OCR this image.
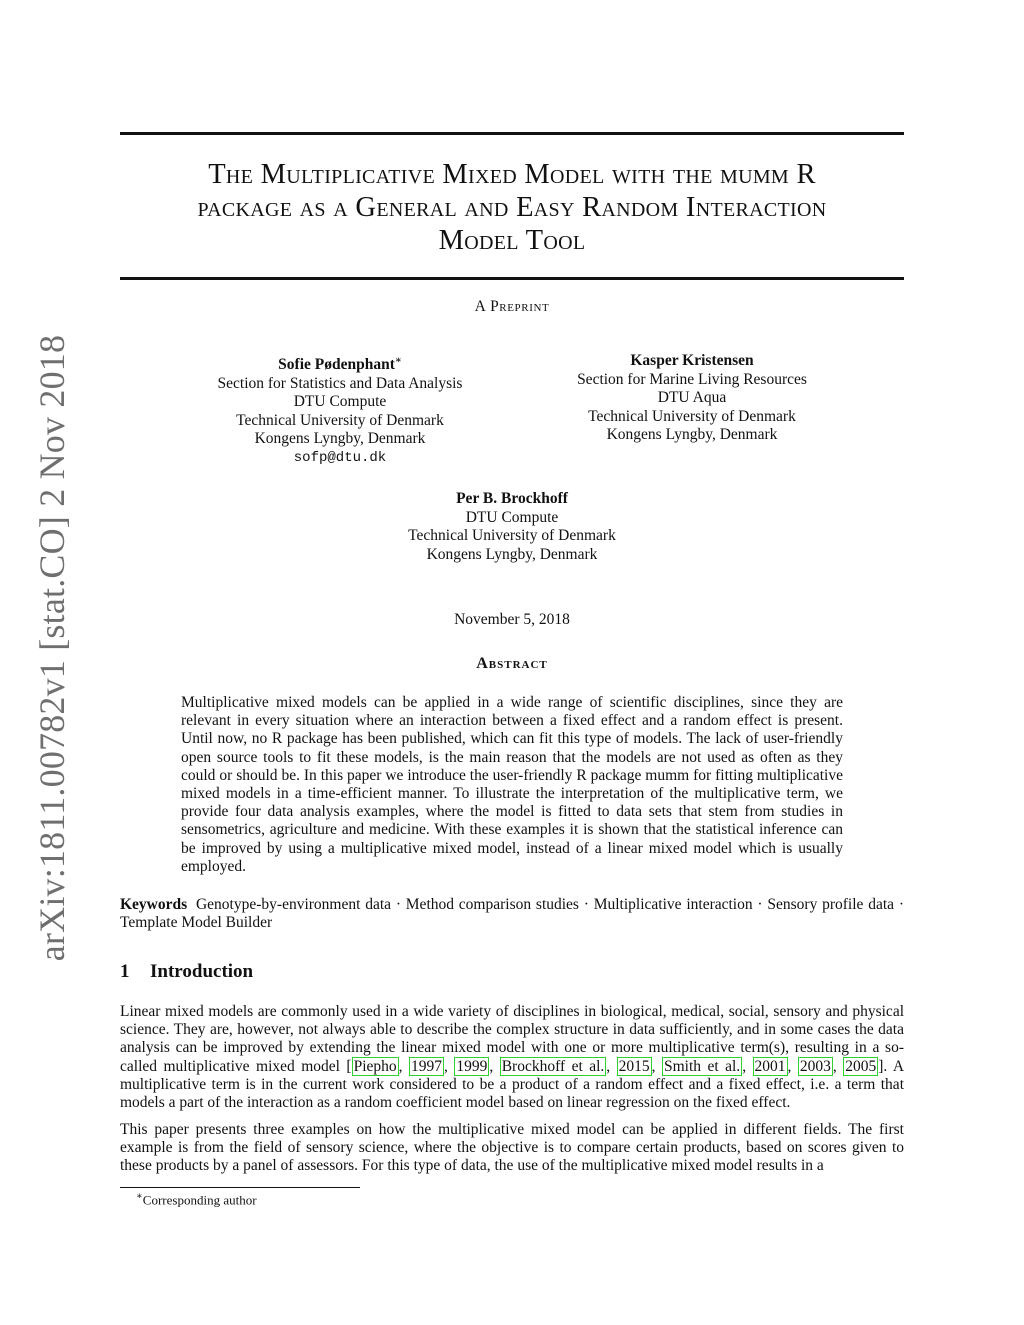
arXiv:1811.00782v1 [stat.CO] 2 Nov 2018
The Multiplicative Mixed Model with the mumm R
package as a General and Easy Random Interaction
Model Tool
A Preprint
Sofie Pødenphant∗
Section for Statistics and Data Analysis
DTU Compute
Technical University of Denmark
Kongens Lyngby, Denmark
sofp@dtu.dk
Kasper Kristensen
Section for Marine Living Resources
DTU Aqua
Technical University of Denmark
Kongens Lyngby, Denmark
Per B. Brockhoff
DTU Compute
Technical University of Denmark
Kongens Lyngby, Denmark
November 5, 2018
Abstract
Multiplicative mixed models can be applied in a wide range of scientific disciplines, since they are relevant in every situation where an interaction between a fixed effect and a random effect is present. Until now, no R package has been published, which can fit this type of models. The lack of user-friendly open source tools to fit these models, is the main reason that the models are not used as often as they could or should be. In this paper we introduce the user-friendly R package mumm for fitting multiplicative mixed models in a time-efficient manner. To illustrate the interpretation of the multiplicative term, we provide four data analysis examples, where the model is fitted to data sets that stem from studies in sensometrics, agriculture and medicine. With these examples it is shown that the statistical inference can be improved by using a multiplicative mixed model, instead of a linear mixed model which is usually employed.
Keywords Genotype-by-environment data · Method comparison studies · Multiplicative interaction · Sensory profile data · Template Model Builder
1 Introduction
Linear mixed models are commonly used in a wide variety of disciplines in biological, medical, social, sensory and physical science. They are, however, not always able to describe the complex structure in data sufficiently, and in some cases the data analysis can be improved by extending the linear mixed model with one or more multiplicative term(s), resulting in a so-called multiplicative mixed model [ Piepho , 1997 , 1999 , Brockhoff et al. , 2015 , Smith et al. , 2001 , 2003 , 2005 ]. A multiplicative term is in the current work considered to be a product of a random effect and a fixed effect, i.e. a term that models a part of the interaction as a random coefficient model based on linear regression on the fixed effect.
This paper presents three examples on how the multiplicative mixed model can be applied in different fields. The first example is from the field of sensory science, where the objective is to compare certain products, based on scores given to these products by a panel of assessors. For this type of data, the use of the multiplicative mixed model results in a
∗Corresponding author
